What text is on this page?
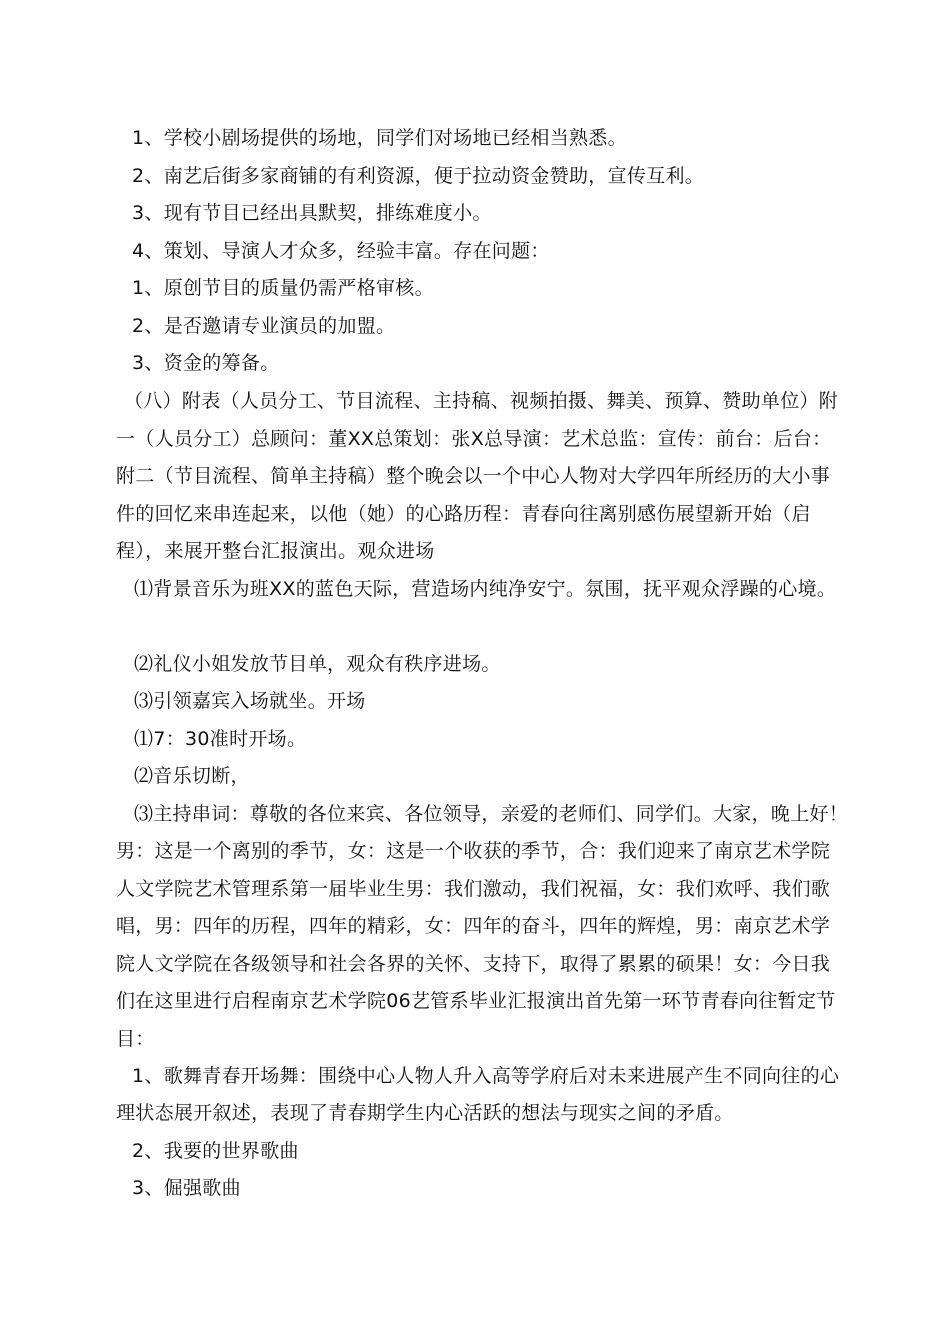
1、学校小剧场提供的场地，同学们对场地已经相当熟悉。
2、南艺后街多家商铺的有利资源，便于拉动资金赞助，宣传互利。
3、现有节目已经出具默契，排练难度小。
4、策划、导演人才众多，经验丰富。存在问题：
1、原创节目的质量仍需严格审核。
2、是否邀请专业演员的加盟。
3、资金的筹备。
（八）附表（人员分工、节目流程、主持稿、视频拍摄、舞美、预算、赞助单位）附
一（人员分工）总顾问：董XX总策划：张X总导演：艺术总监：宣传：前台：后台：
附二（节目流程、简单主持稿）整个晚会以一个中心人物对大学四年所经历的大小事
件的回忆来串连起来，以他（她）的心路历程：青春向往离别感伤展望新开始（启
程），来展开整台汇报演出。观众进场
⑴背景音乐为班XX的蓝色天际，营造场内纯净安宁。氛围，抚平观众浮躁的心境。
⑵礼仪小姐发放节目单，观众有秩序进场。
⑶引领嘉宾入场就坐。开场
⑴7：30准时开场。
⑵音乐切断，
⑶主持串词：尊敬的各位来宾、各位领导，亲爱的老师们、同学们。大家，晚上好！
男：这是一个离别的季节，女：这是一个收获的季节，合：我们迎来了南京艺术学院
人文学院艺术管理系第一届毕业生男：我们激动，我们祝福，女：我们欢呼、我们歌
唱，男：四年的历程，四年的精彩，女：四年的奋斗，四年的辉煌，男：南京艺术学
院人文学院在各级领导和社会各界的关怀、支持下，取得了累累的硕果！女：今日我
们在这里进行启程南京艺术学院06艺管系毕业汇报演出首先第一环节青春向往暂定节
目：
1、歌舞青春开场舞：围绕中心人物人升入高等学府后对未来进展产生不同向往的心
理状态展开叙述，表现了青春期学生内心活跃的想法与现实之间的矛盾。
2、我要的世界歌曲
3、倔强歌曲
